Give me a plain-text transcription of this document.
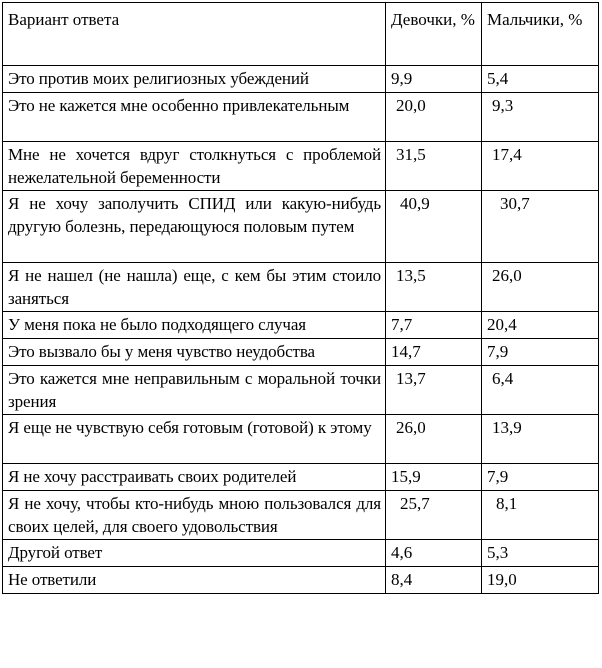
Вариант ответа	Девочки, %	Мальчики, %
Это против моих религиозных убеждений	9,9	5,4
Это не кажется мне особенно привлекательным	20,0	9,3
Мне не хочется вдруг столкнуться с проблемой нежелательной беременности	31,5	17,4
Я не хочу заполучить СПИД или какую-нибудь другую болезнь, передающуюся половым путем	40,9	30,7
Я не нашел (не нашла) еще, с кем бы этим стоило заняться	13,5	26,0
У меня пока не было подходящего случая	7,7	20,4
Это вызвало бы у меня чувство неудобства	14,7	7,9
Это кажется мне неправильным с моральной точки зрения	13,7	6,4
Я еще не чувствую себя готовым (готовой) к этому	26,0	13,9
Я не хочу расстраивать своих родителей	15,9	7,9
Я не хочу, чтобы кто-нибудь мною пользовался для своих целей, для своего удовольствия	25,7	8,1
Другой ответ	4,6	5,3
Не ответили	8,4	19,0
